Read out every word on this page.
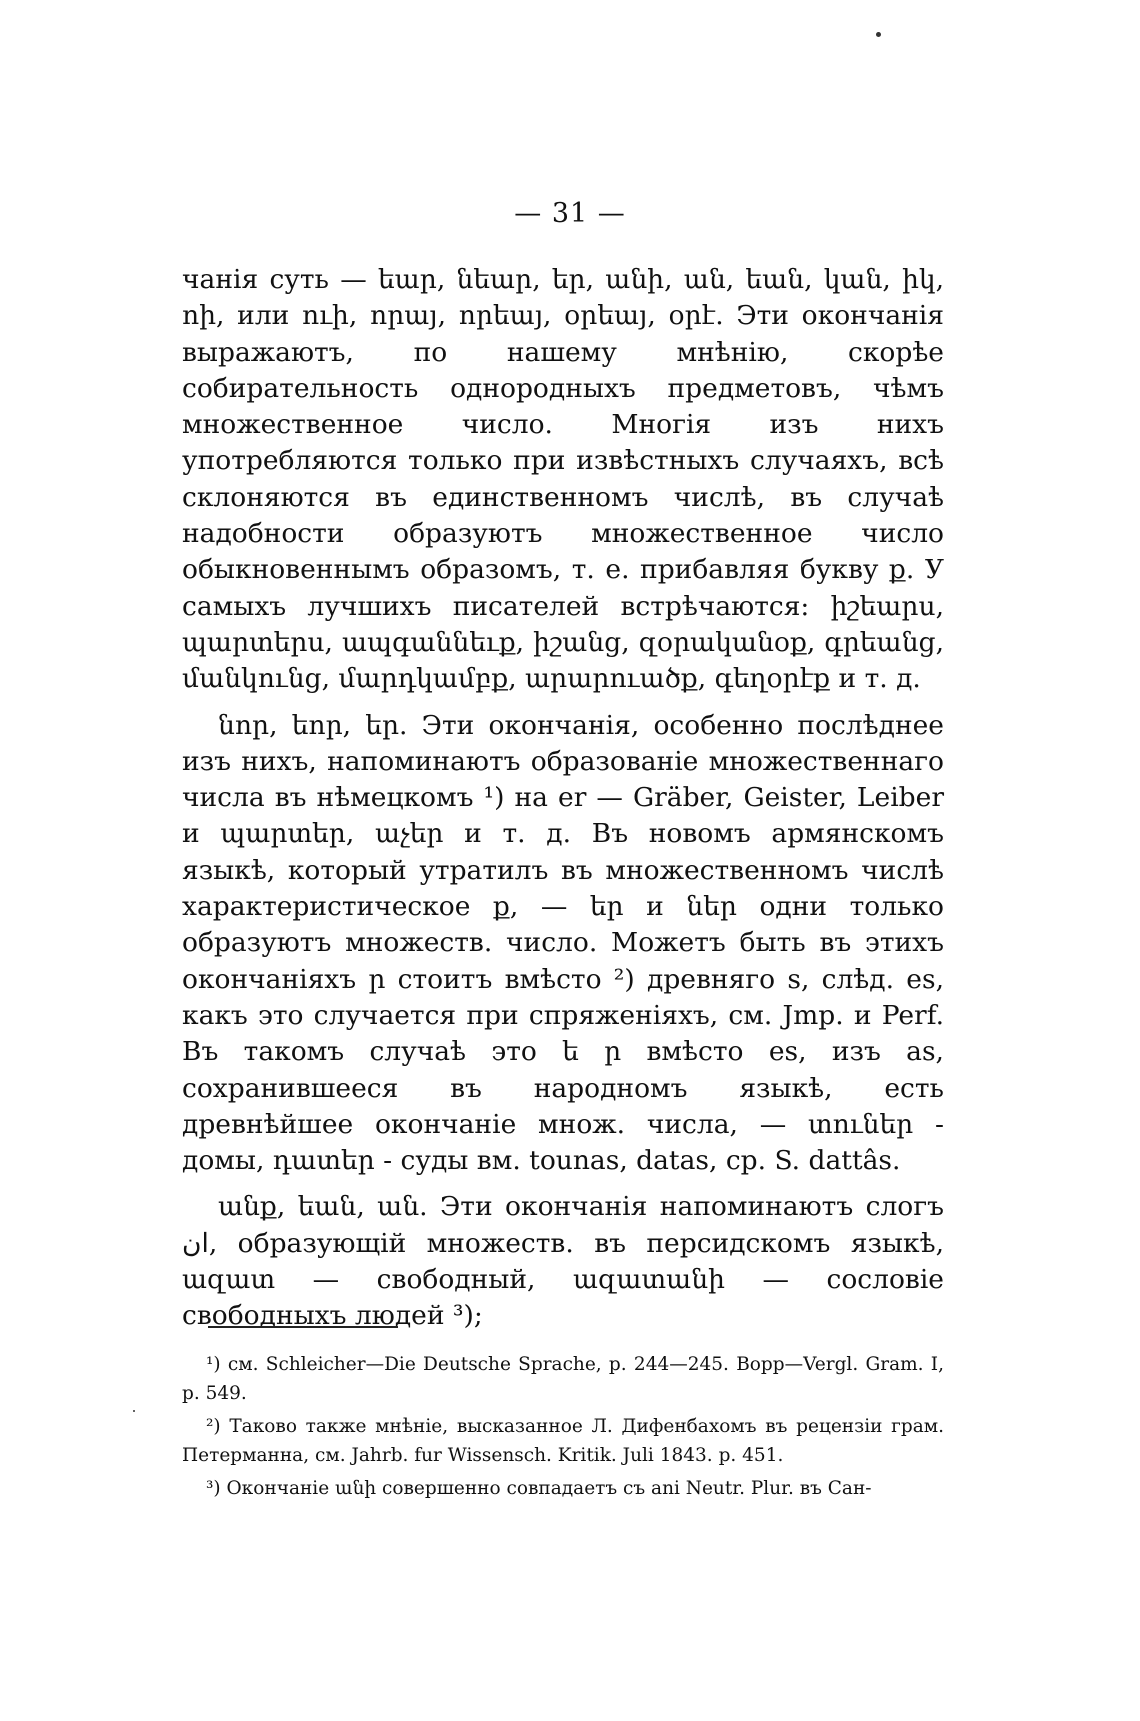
— 31 —

чанія суть — եար, նեար, եր, անի, ան, եան, կան, իկ, ոի, или ուի, որայ, որեայ, օրեայ, օրէ. Эти окончанія выражаютъ, по нашему мнѣнію, скорѣе собирательность однородныхъ предметовъ, чѣмъ множественное число. Многія изъ нихъ употребляются только при извѣстныхъ случаяхъ, всѣ склоняются въ единственномъ числѣ, въ случаѣ надобности образуютъ множественное число обыкновеннымъ образомъ, т. е. прибавляя букву ք. У самыхъ лучшихъ писателей встрѣчаются: իշեարս, պարտերս, ապգաննեւք, իշանց, զօրականօք, գրեանց, մանկունց, մարդկամբք, արարուածք, գեղօրէք и т. д.

նոր, եոր, եր. Эти окончанія, особенно послѣднее изъ нихъ, напоминаютъ образованіе множественнаго числа въ нѣмецкомъ ¹) на er — Gräber, Geister, Leiber и պարտեր, աչեր и т. д. Въ новомъ армянскомъ языкѣ, который утратилъ въ множественномъ числѣ характеристическое ք, — եր и ներ одни только образуютъ множеств. число. Можетъ быть въ этихъ окончаніяхъ ր стоитъ вмѣсто ²) древняго s, слѣд. es, какъ это случается при спряженіяхъ, см. Jmp. и Perf. Въ такомъ случаѣ это ե ր вмѣсто es, изъ as, сохранившееся въ народномъ языкѣ, есть древнѣйшее окончаніе множ. числа, — տուներ - домы, դատեր - суды вм. tounas, datas, ср. S. dattâs.

անք, եան, ան. Эти окончанія напоминаютъ слогъ ان, образующій множеств. въ персидскомъ языкѣ, ազատ — свободный, ազատանի — сословіе свободныхъ людей ³);

¹) см. Schleicher—Die Deutsche Sprache, p. 244—245. Bopp—Vergl. Gram. I, p. 549.

²) Таково также мнѣніе, высказанное Л. Дифенбахомъ въ рецензіи грам. Петерманна, см. Jahrb. fur Wissensch. Kritik. Juli 1843. p. 451.

³) Окончаніе անի совершенно совпадаетъ съ ani Neutr. Plur. въ Сан-
